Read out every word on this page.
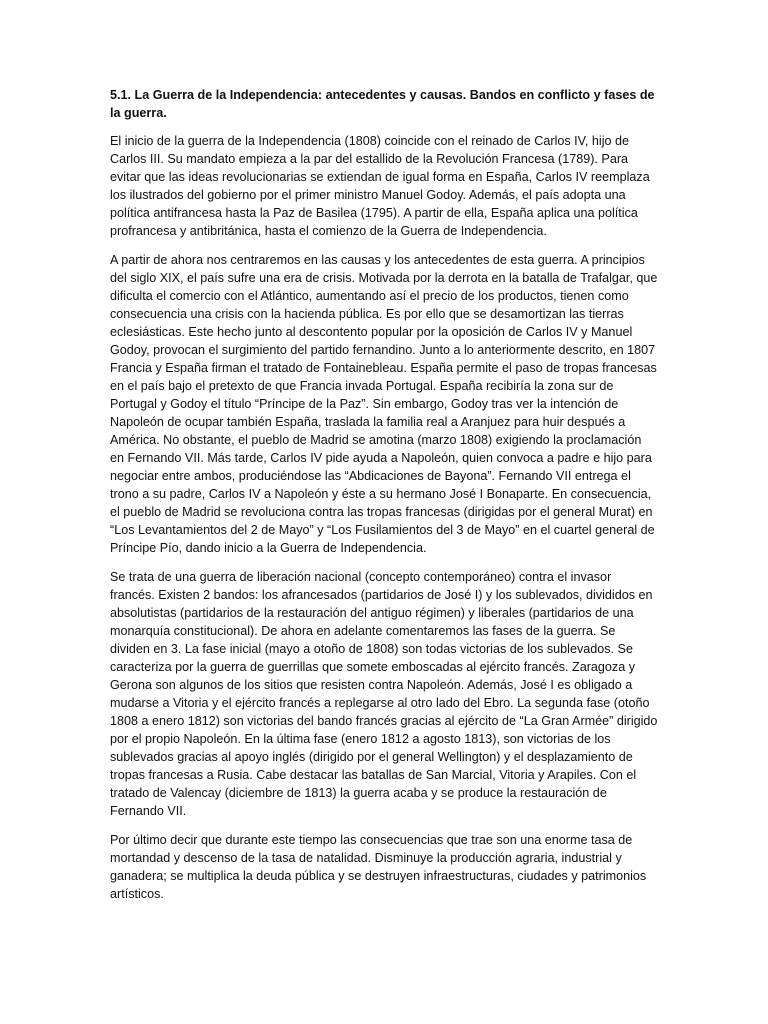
5.1. La Guerra de la Independencia: antecedentes y causas. Bandos en conflicto y fases de la guerra.

El inicio de la guerra de la Independencia (1808) coincide con el reinado de Carlos IV, hijo de Carlos III. Su mandato empieza a la par del estallido de la Revolución Francesa (1789). Para evitar que las ideas revolucionarias se extiendan de igual forma en España, Carlos IV reemplaza los ilustrados del gobierno por el primer ministro Manuel Godoy. Además, el país adopta una política antifrancesa hasta la Paz de Basilea (1795). A partir de ella, España aplica una política profrancesa y antibritánica, hasta el comienzo de la Guerra de Independencia.

A partir de ahora nos centraremos en las causas y los antecedentes de esta guerra. A principios del siglo XIX, el país sufre una era de crisis. Motivada por la derrota en la batalla de Trafalgar, que dificulta el comercio con el Atlántico, aumentando así el precio de los productos, tienen como consecuencia una crisis con la hacienda pública. Es por ello que se desamortizan las tierras eclesiásticas. Este hecho junto al descontento popular por la oposición de Carlos IV y Manuel Godoy, provocan el surgimiento del partido fernandino. Junto a lo anteriormente descrito, en 1807 Francia y España firman el tratado de Fontainebleau. España permite el paso de tropas francesas en el país bajo el pretexto de que Francia invada Portugal. España recibiría la zona sur de Portugal y Godoy el título “Príncipe de la Paz”. Sin embargo, Godoy tras ver la intención de Napoleón de ocupar también España, traslada la familia real a Aranjuez para huir después a América. No obstante, el pueblo de Madrid se amotina (marzo 1808) exigiendo la proclamación en Fernando VII. Más tarde, Carlos IV pide ayuda a Napoleón, quien convoca a padre e hijo para negociar entre ambos, produciéndose las “Abdicaciones de Bayona”. Fernando VII entrega el trono a su padre, Carlos IV a Napoleón y éste a su hermano José I Bonaparte. En consecuencia, el pueblo de Madrid se revoluciona contra las tropas francesas (dirigidas por el general Murat) en “Los Levantamientos del 2 de Mayo” y “Los Fusilamientos del 3 de Mayo” en el cuartel general de Príncipe Pío, dando inicio a la Guerra de Independencia.

Se trata de una guerra de liberación nacional (concepto contemporáneo) contra el invasor francés. Existen 2 bandos: los afrancesados (partidarios de José I) y los sublevados, divididos en absolutistas (partidarios de la restauración del antiguo régimen) y liberales (partidarios de una monarquía constitucional). De ahora en adelante comentaremos las fases de la guerra. Se dividen en 3. La fase inicial (mayo a otoño de 1808) son todas victorias de los sublevados. Se caracteriza por la guerra de guerrillas que somete emboscadas al ejército francés. Zaragoza y Gerona son algunos de los sitios que resisten contra Napoleón. Además, José I es obligado a mudarse a Vitoria y el ejército francés a replegarse al otro lado del Ebro. La segunda fase (otoño 1808 a enero 1812) son victorias del bando francés gracias al ejército de “La Gran Armée” dirigido por el propio Napoleón. En la última fase (enero 1812 a agosto 1813), son victorias de los sublevados gracias al apoyo inglés (dirigido por el general Wellington) y el desplazamiento de tropas francesas a Rusia. Cabe destacar las batallas de San Marcial, Vitoria y Arapiles. Con el tratado de Valencay (diciembre de 1813) la guerra acaba y se produce la restauración de Fernando VII.

Por último decir que durante este tiempo las consecuencias que trae son una enorme tasa de mortandad y descenso de la tasa de natalidad. Disminuye la producción agraria, industrial y ganadera; se multiplica la deuda pública y se destruyen infraestructuras, ciudades y patrimonios artísticos.
